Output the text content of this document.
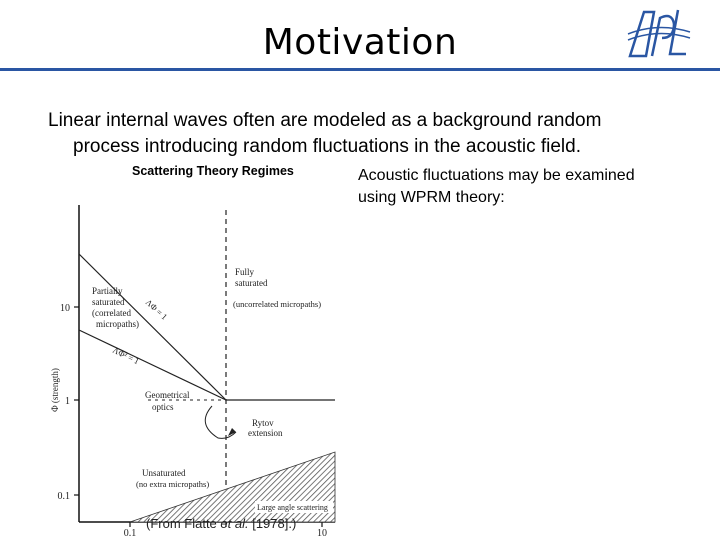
Motivation
Linear internal waves often are modeled as a background random
process introducing random fluctuations in the acoustic field.
Scattering Theory Regimes	Acoustic fluctuations may be examined
using WPRM theory:
10
1
0.1
0.1	10
Φ (strength)
Large angle scattering
Fully
saturated
(uncorrelated micropaths)
Partially
saturated
(correlated
micropaths)
ΛΦ = 1
ΛΦ² = 1
Geometrical
optics
Rytov
extension
Unsaturated
(no extra micropaths)
(From Flatte et al. [1978].)
